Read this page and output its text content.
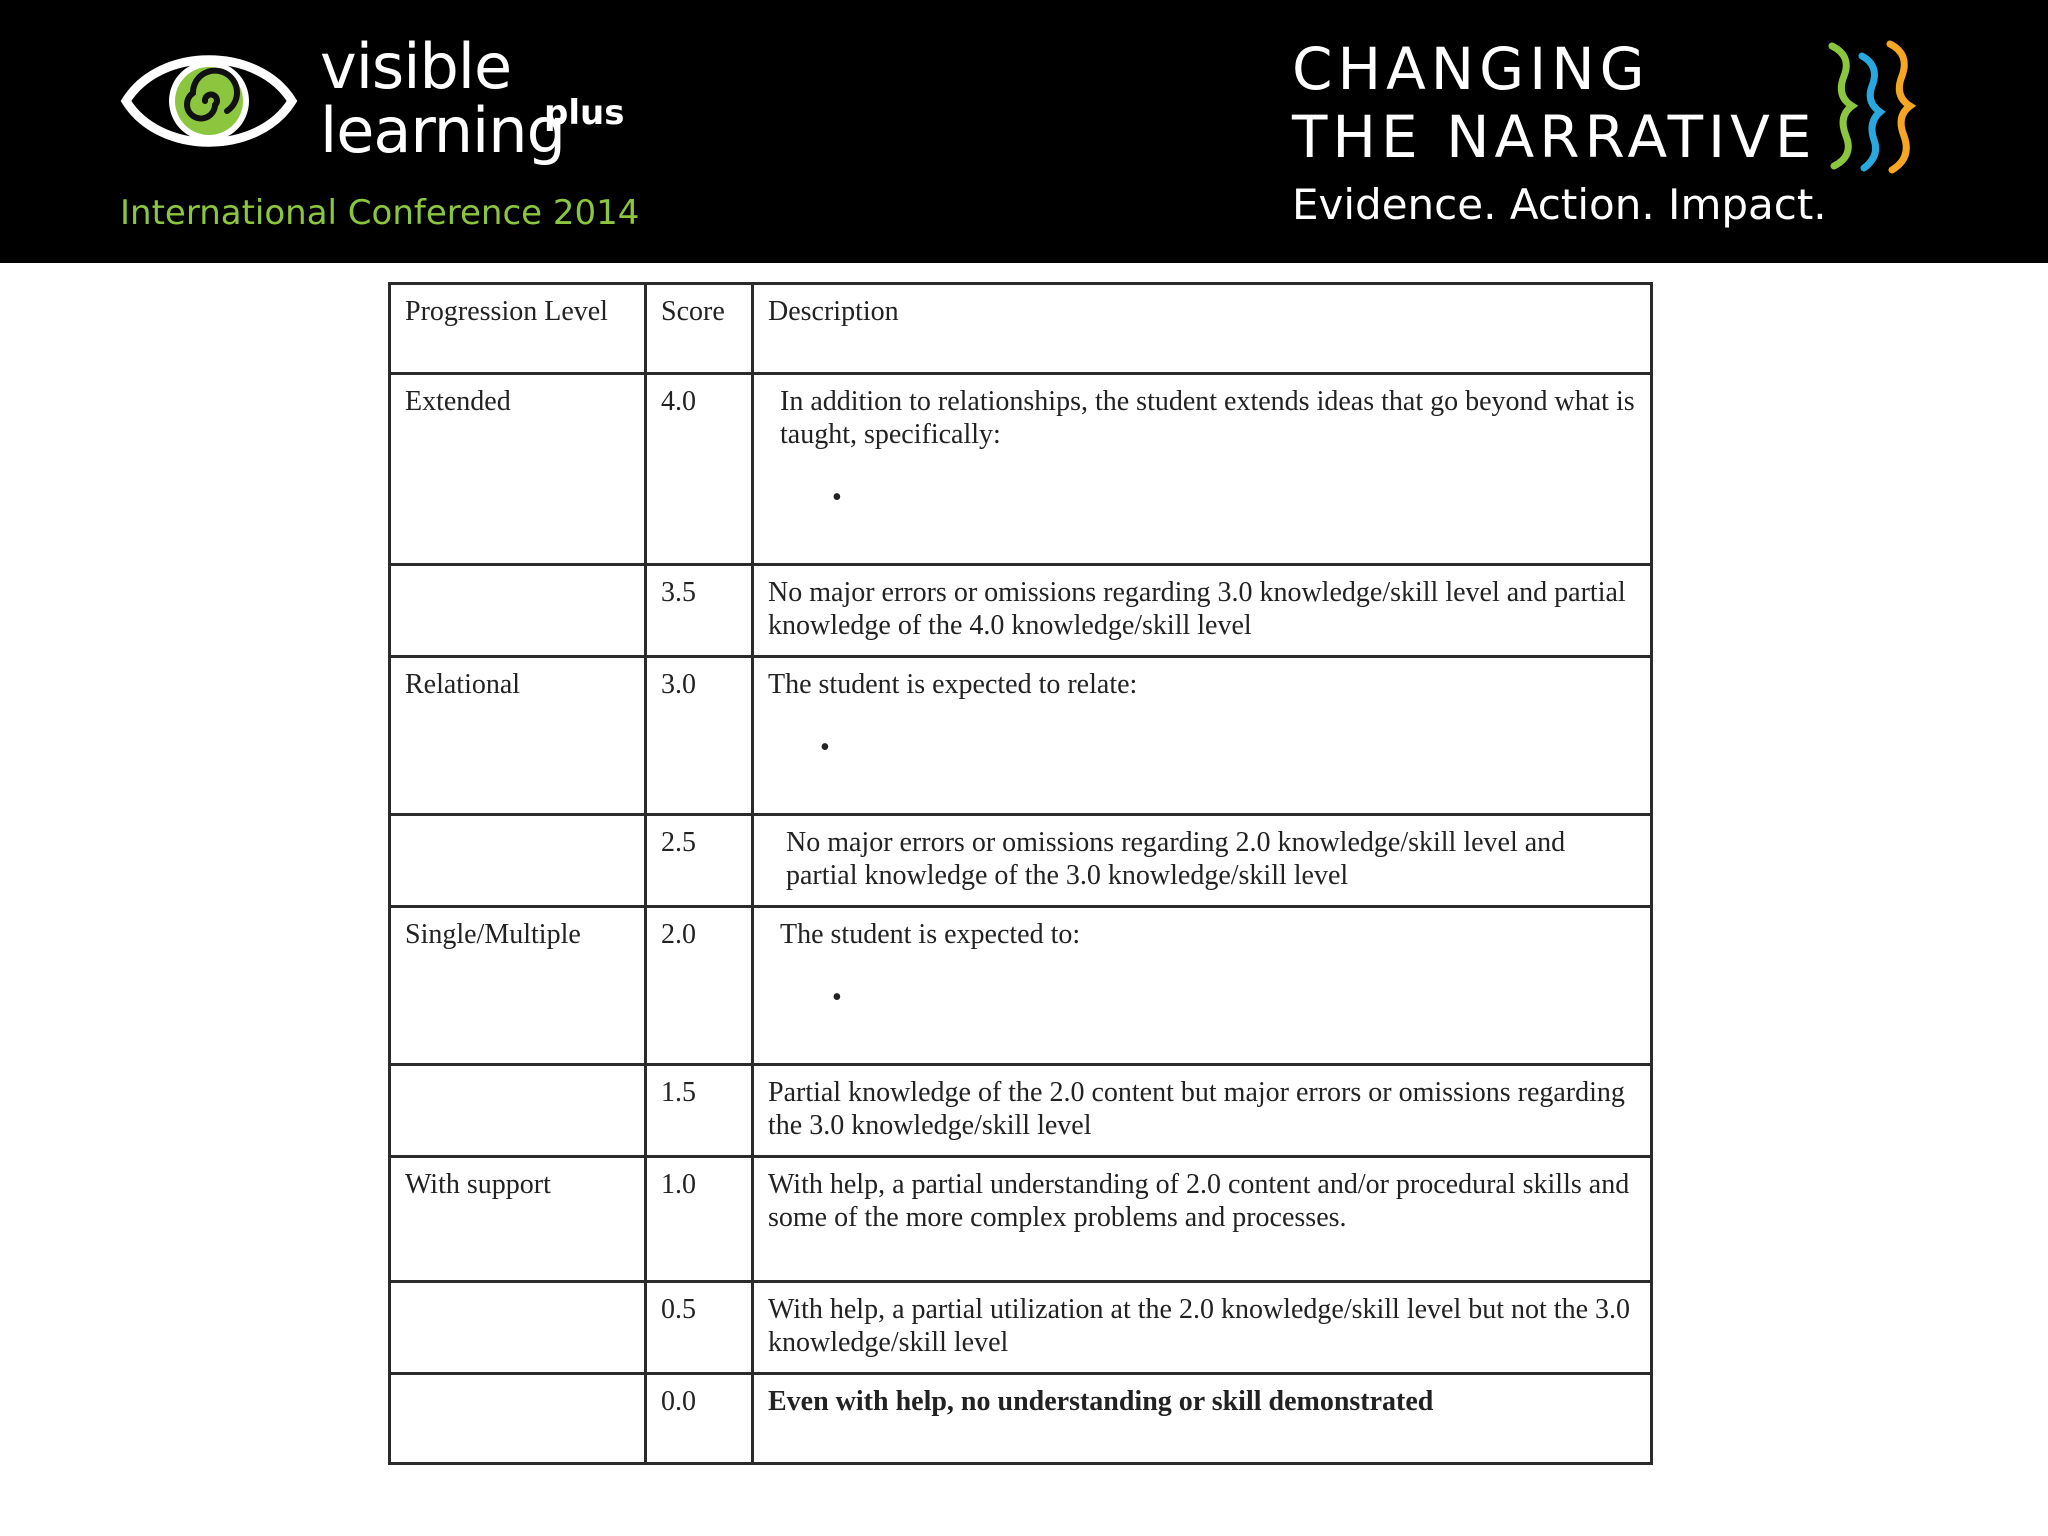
visible
learning
plus
International Conference 2014
CHANGING
THE NARRATIVE
Evidence. Action. Impact.
Progression Level	Score	Description
Extended	4.0	In addition to relationships, the student extends ideas that go beyond what is taught, specifically:
•

	3.5	No major errors or omissions regarding 3.0 knowledge/skill level and partial knowledge of the 4.0 knowledge/skill level
Relational	3.0	The student is expected to relate:
•

	2.5	No major errors or omissions regarding 2.0 knowledge/skill level and partial knowledge of the 3.0 knowledge/skill level
Single/Multiple	2.0	The student is expected to:
•

	1.5	Partial knowledge of the 2.0 content but major errors or omissions regarding the 3.0 knowledge/skill level
With support	1.0	With help, a partial understanding of 2.0 content and/or procedural skills and some of the more complex problems and processes.
	0.5	With help, a partial utilization at the 2.0 knowledge/skill level but not the 3.0 knowledge/skill level
	0.0	Even with help, no understanding or skill demonstrated
